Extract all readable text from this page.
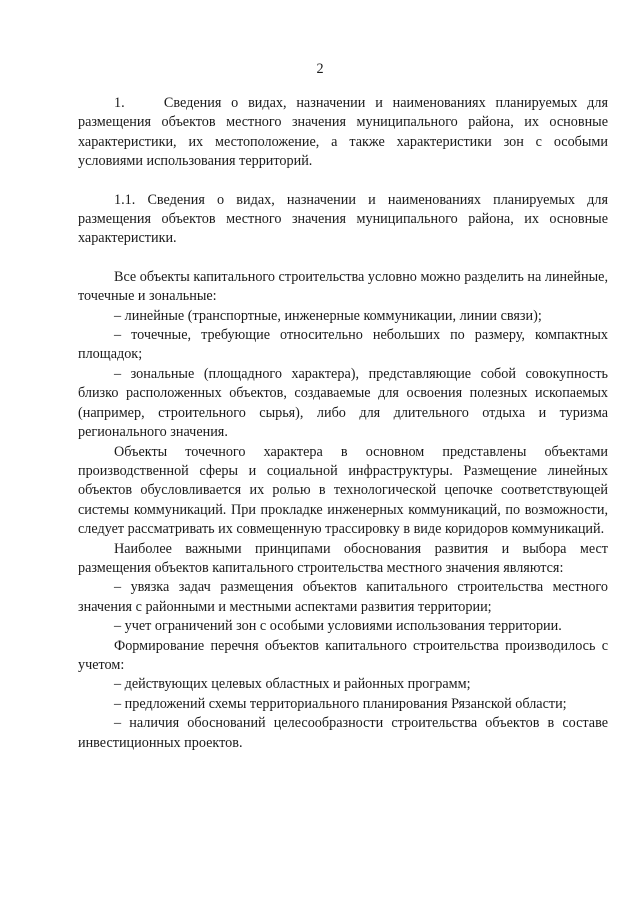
2

1.    Сведения о видах, назначении и наименованиях планируемых для размещения объектов местного значения муниципального района, их основные характеристики, их местоположение, а также характеристики зон с особыми условиями использования территорий.

1.1. Сведения о видах, назначении и наименованиях планируемых для размещения объектов местного значения муниципального района, их основные характеристики.

Все объекты капитального строительства условно можно разделить на линейные, точечные и зональные:

– линейные (транспортные, инженерные коммуникации, линии связи);

– точечные, требующие относительно небольших по размеру, компактных площадок;

– зональные (площадного характера), представляющие собой совокупность близко расположенных объектов, создаваемые для освоения полезных ископаемых (например, строительного сырья), либо для длительного отдыха и туризма регионального значения.

Объекты точечного характера в основном представлены объектами производственной сферы и социальной инфраструктуры. Размещение линейных объектов обусловливается их ролью в технологической цепочке соответствующей системы коммуникаций. При прокладке инженерных коммуникаций, по возможности, следует рассматривать их совмещенную трассировку в виде коридоров коммуникаций.

Наиболее важными принципами обоснования развития и выбора мест размещения объектов капитального строительства местного значения являются:

– увязка задач размещения объектов капитального строительства местного значения с районными и местными аспектами развития территории;

– учет ограничений зон с особыми условиями использования территории.

Формирование перечня объектов капитального строительства производилось с учетом:

– действующих целевых областных и районных программ;

– предложений схемы территориального планирования Рязанской области;

– наличия обоснований целесообразности строительства объектов в составе инвестиционных проектов.
